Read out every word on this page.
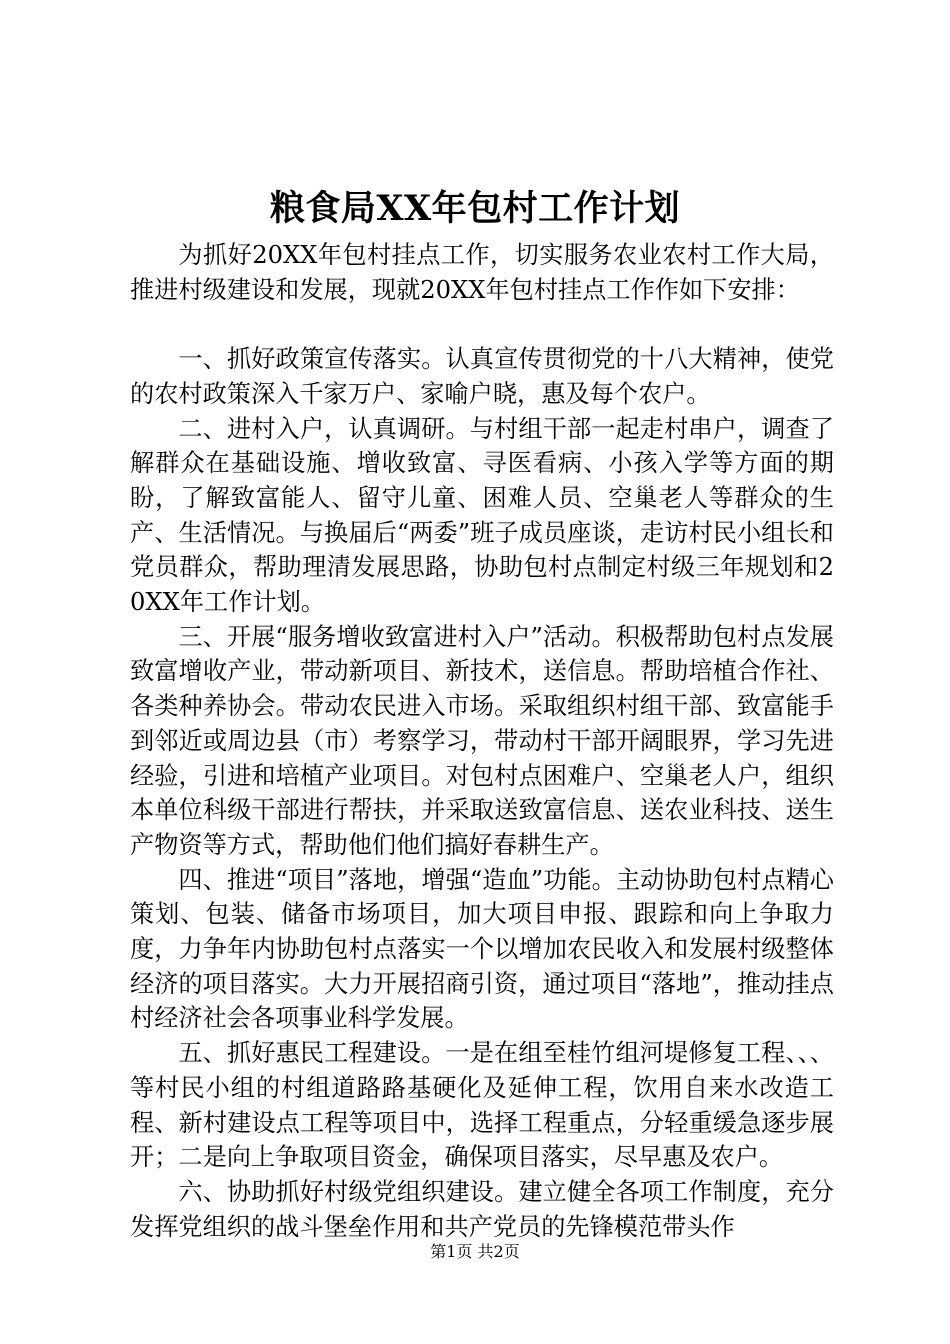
粮食局XX年包村工作计划

为抓好20XX年包村挂点工作，切实服务农业农村工作大局，推进村级建设和发展，现就20XX年包村挂点工作作如下安排：

一、抓好政策宣传落实。认真宣传贯彻党的十八大精神，使党的农村政策深入千家万户、家喻户晓，惠及每个农户。

二、进村入户，认真调研。与村组干部一起走村串户，调查了解群众在基础设施、增收致富、寻医看病、小孩入学等方面的期盼，了解致富能人、留守儿童、困难人员、空巢老人等群众的生产、生活情况。与换届后“两委”班子成员座谈，走访村民小组长和党员群众，帮助理清发展思路，协助包村点制定村级三年规划和20XX年工作计划。

三、开展“服务增收致富进村入户”活动。积极帮助包村点发展致富增收产业，带动新项目、新技术，送信息。帮助培植合作社、各类种养协会。带动农民进入市场。采取组织村组干部、致富能手到邻近或周边县（市）考察学习，带动村干部开阔眼界，学习先进经验，引进和培植产业项目。对包村点困难户、空巢老人户，组织本单位科级干部进行帮扶，并采取送致富信息、送农业科技、送生产物资等方式，帮助他们他们搞好春耕生产。

四、推进“项目”落地，增强“造血”功能。主动协助包村点精心策划、包装、储备市场项目，加大项目申报、跟踪和向上争取力度，力争年内协助包村点落实一个以增加农民收入和发展村级整体经济的项目落实。大力开展招商引资，通过项目“落地”，推动挂点村经济社会各项事业科学发展。

五、抓好惠民工程建设。一是在组至桂竹组河堤修复工程、、、等村民小组的村组道路路基硬化及延伸工程，饮用自来水改造工程、新村建设点工程等项目中，选择工程重点，分轻重缓急逐步展开；二是向上争取项目资金，确保项目落实，尽早惠及农户。

六、协助抓好村级党组织建设。建立健全各项工作制度，充分发挥党组织的战斗堡垒作用和共产党员的先锋模范带头作

第1页 共2页
